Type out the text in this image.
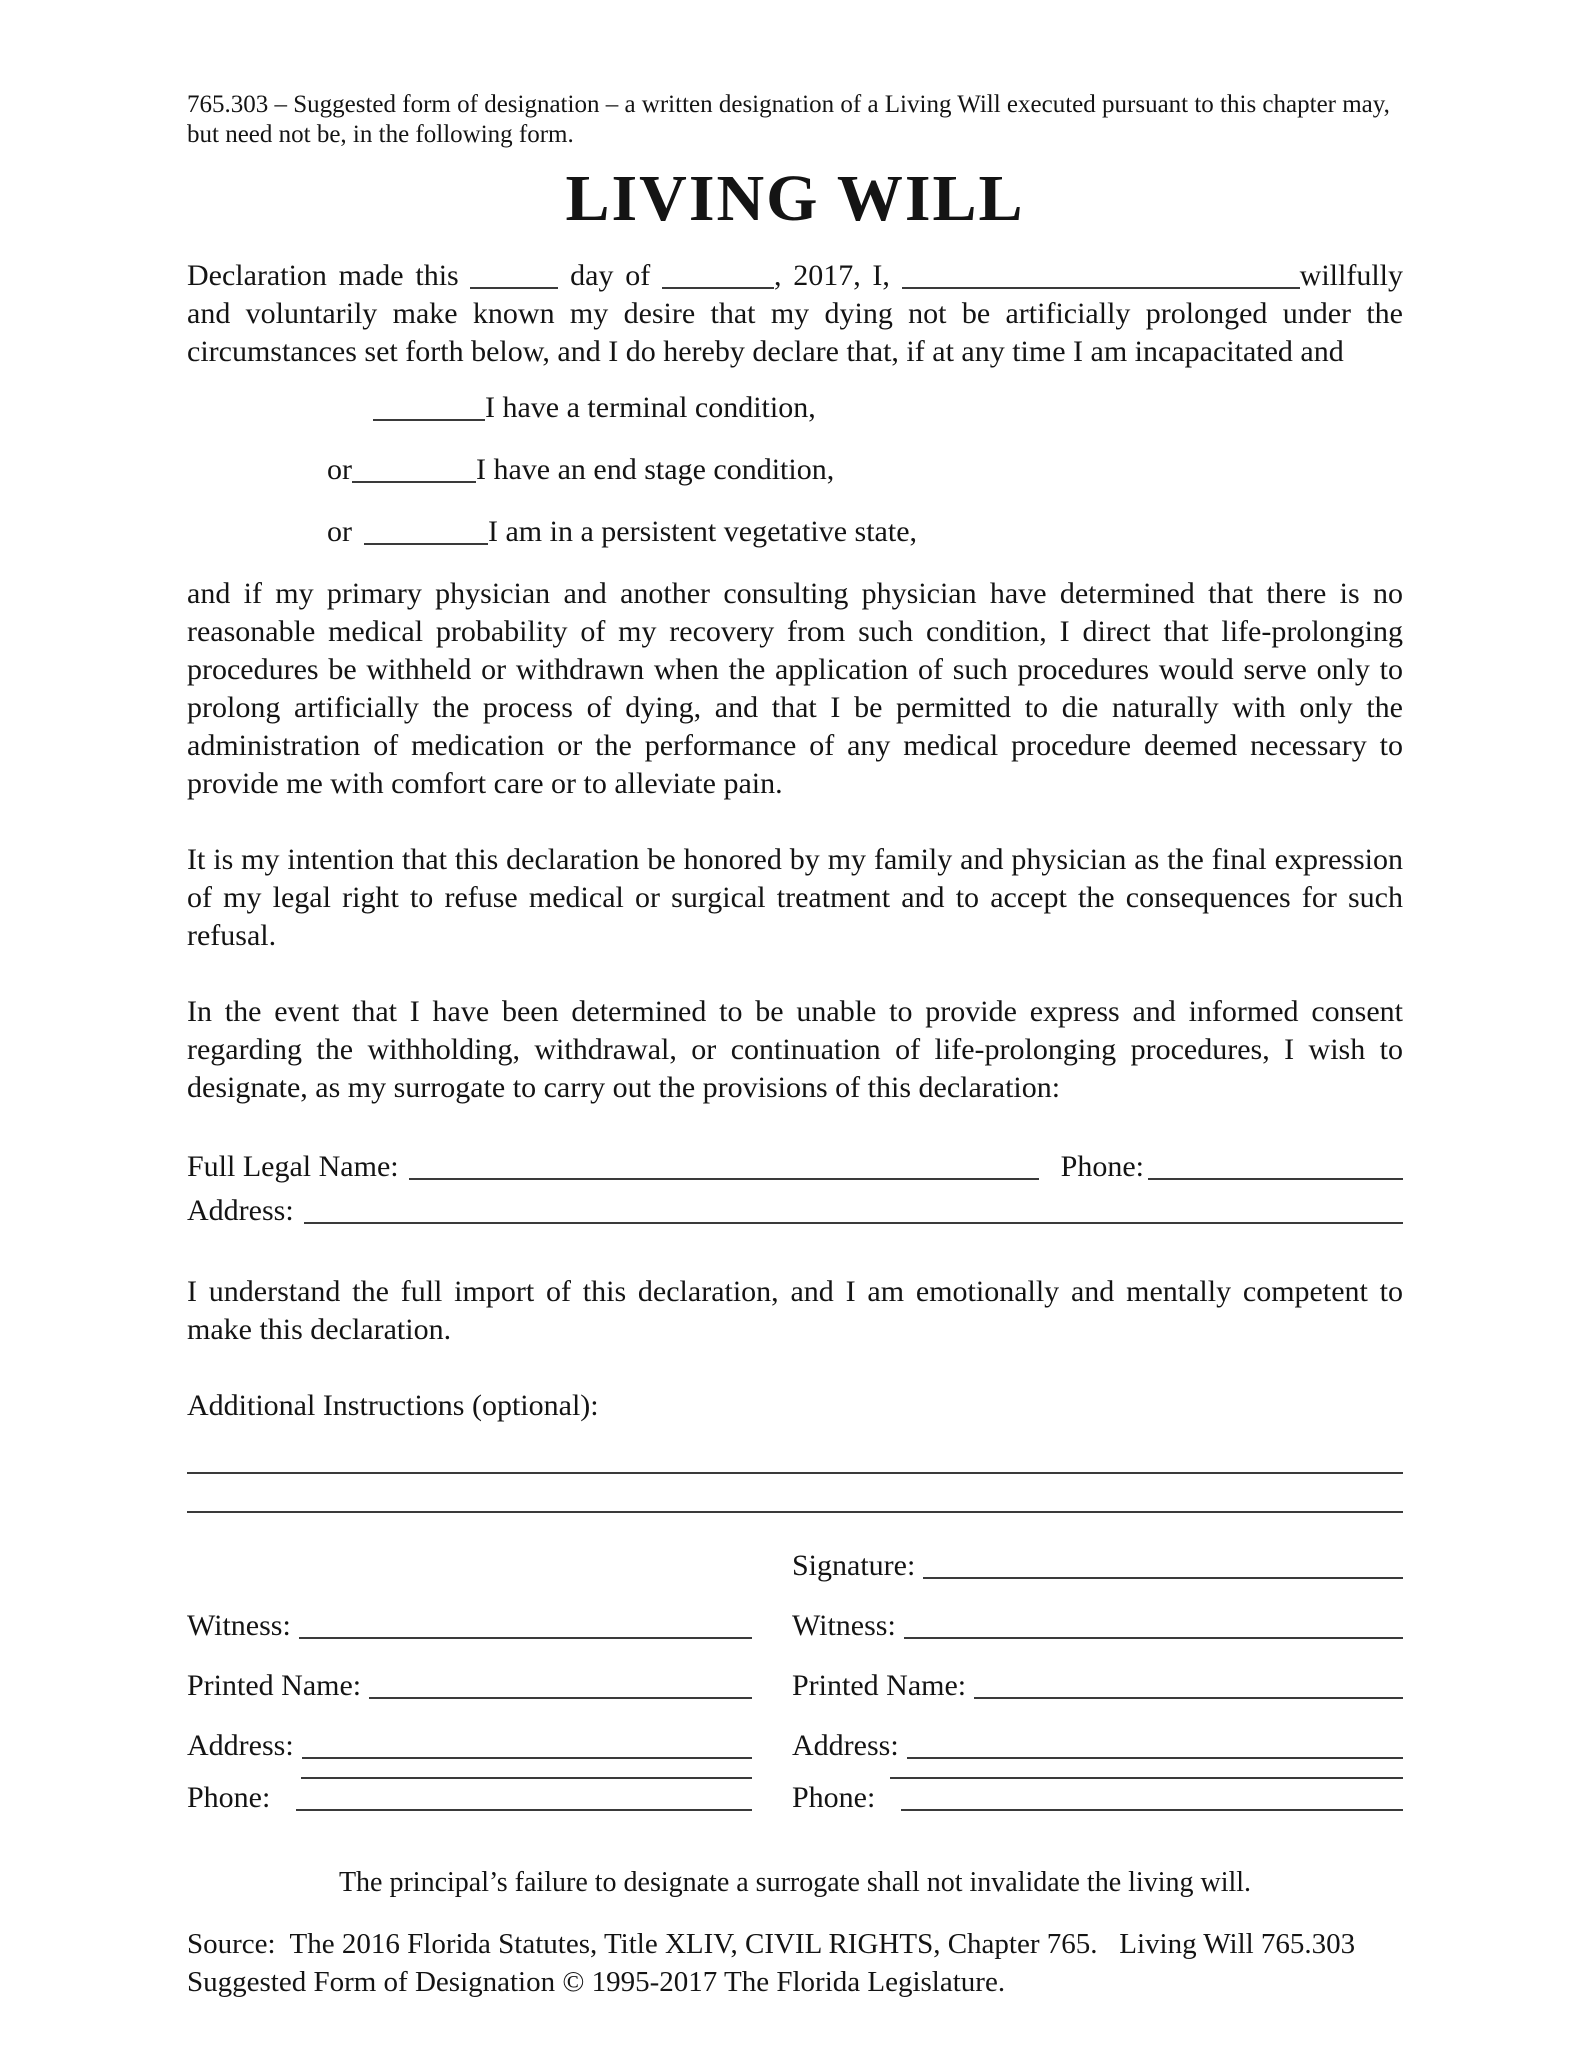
765.303 – Suggested form of designation – a written designation of a Living Will executed pursuant to this chapter may, but need not be, in the following form.

LIVING WILL

Declaration made this	day of	, 2017, I,	willfully and voluntarily make known my desire that my dying not be artificially prolonged under the circumstances set forth below, and I do hereby declare that, if at any time I am incapacitated and

I have a terminal condition,
or	I have an end stage condition,
or	I am in a persistent vegetative state,

and if my primary physician and another consulting physician have determined that there is no reasonable medical probability of my recovery from such condition, I direct that life-prolonging procedures be withheld or withdrawn when the application of such procedures would serve only to prolong artificially the process of dying, and that I be permitted to die naturally with only the administration of medication or the performance of any medical procedure deemed necessary to provide me with comfort care or to alleviate pain.

It is my intention that this declaration be honored by my family and physician as the final expression of my legal right to refuse medical or surgical treatment and to accept the consequences for such refusal.

In the event that I have been determined to be unable to provide express and informed consent regarding the withholding, withdrawal, or continuation of life-prolonging procedures, I wish to designate, as my surrogate to carry out the provisions of this declaration:

Full Legal Name:	Phone:
Address:

I understand the full import of this declaration, and I am emotionally and mentally competent to make this declaration.

Additional Instructions (optional):

Signature:
Witness:	Witness:
Printed Name:	Printed Name:
Address:	Address:
Phone:	Phone:

The principal’s failure to designate a surrogate shall not invalidate the living will.

Source:  The 2016 Florida Statutes, Title XLIV, CIVIL RIGHTS, Chapter 765.   Living Will 765.303 Suggested Form of Designation © 1995-2017 The Florida Legislature.
